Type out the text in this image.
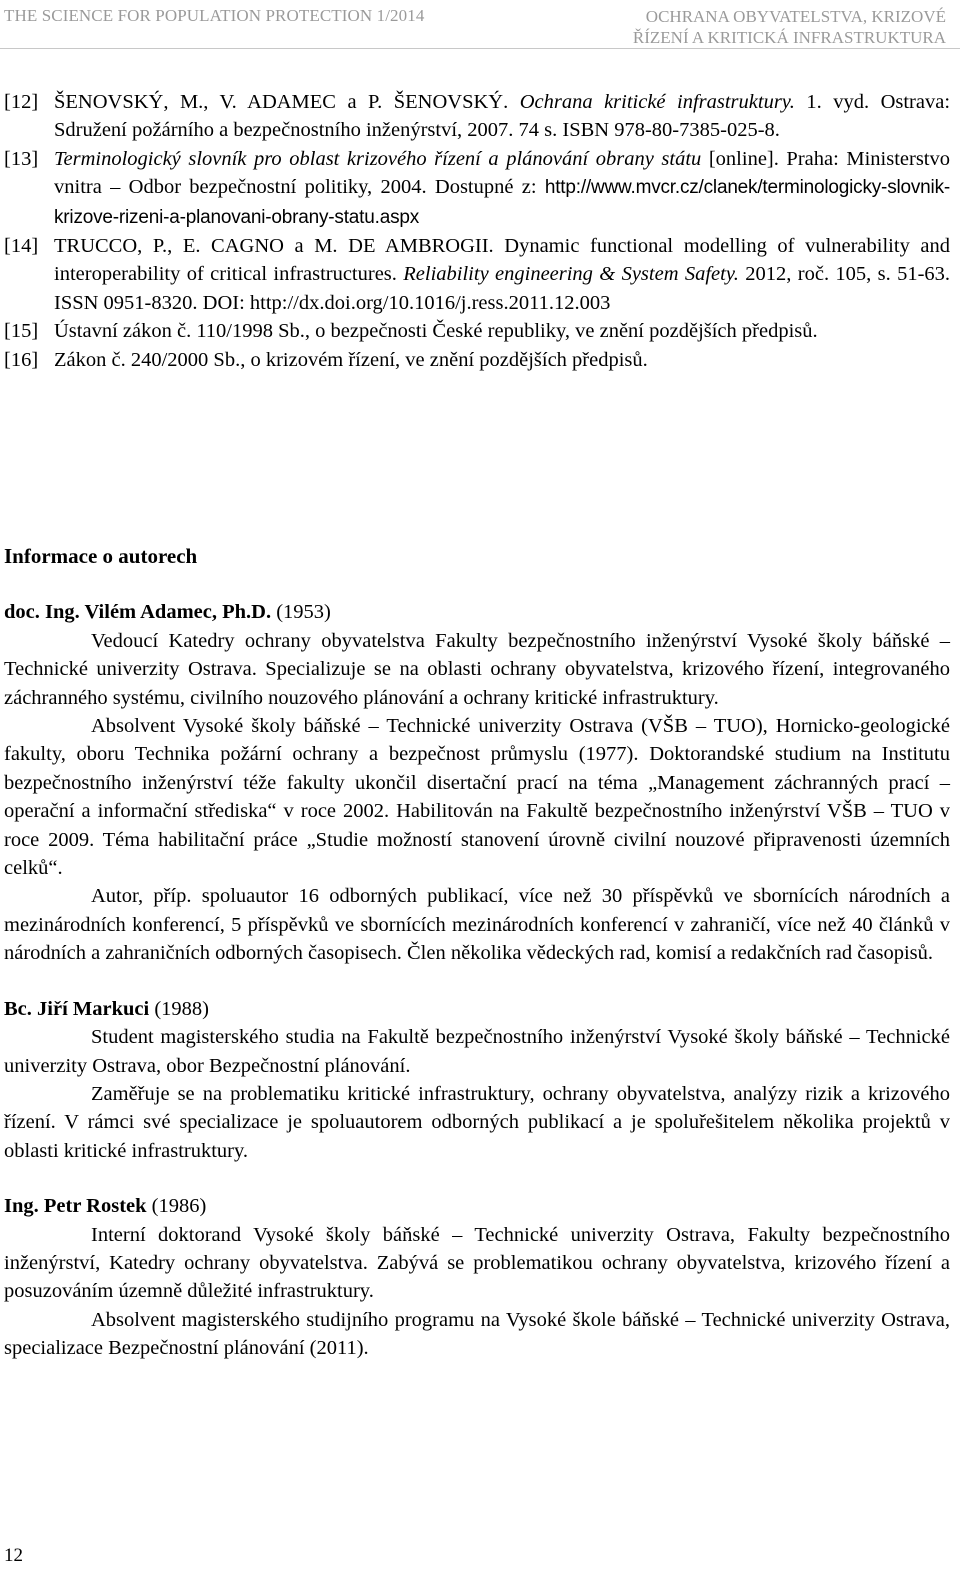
THE SCIENCE FOR POPULATION PROTECTION 1/2014	OCHRANA OBYVATELSTVA, KRIZOVÉ
ŘÍZENÍ A KRITICKÁ INFRASTRUKTURA
[12] ŠENOVSKÝ, M., V. ADAMEC a P. ŠENOVSKÝ. Ochrana kritické infrastruktury. 1. vyd. Ostrava: Sdružení požárního a bezpečnostního inženýrství, 2007. 74 s. ISBN 978-80-7385-025-8.
[13] Terminologický slovník pro oblast krizového řízení a plánování obrany státu [online]. Praha: Ministerstvo vnitra – Odbor bezpečnostní politiky, 2004. Dostupné z: http://www.mvcr.cz/clanek/terminologicky-slovnik-krizove-rizeni-a-planovani-obrany-statu.aspx
[14] TRUCCO, P., E. CAGNO a M. DE AMBROGII. Dynamic functional modelling of vulnerability and interoperability of critical infrastructures. Reliability engineering & System Safety. 2012, roč. 105, s. 51-63. ISSN 0951-8320. DOI: http://dx.doi.org/10.1016/j.ress.2011.12.003
[15] Ústavní zákon č. 110/1998 Sb., o bezpečnosti České republiky, ve znění pozdějších předpisů.
[16] Zákon č. 240/2000 Sb., o krizovém řízení, ve znění pozdějších předpisů.
Informace o autorech
doc. Ing. Vilém Adamec, Ph.D. (1953)

Vedoucí Katedry ochrany obyvatelstva Fakulty bezpečnostního inženýrství Vysoké školy báňské – Technické univerzity Ostrava. Specializuje se na oblasti ochrany obyvatelstva, krizového řízení, integrovaného záchranného systému, civilního nouzového plánování a ochrany kritické infrastruktury.

Absolvent Vysoké školy báňské – Technické univerzity Ostrava (VŠB – TUO), Hornicko-geologické fakulty, oboru Technika požární ochrany a bezpečnost průmyslu (1977). Doktorandské studium na Institutu bezpečnostního inženýrství téže fakulty ukončil disertační prací na téma „Management záchranných prací – operační a informační střediska“ v roce 2002. Habilitován na Fakultě bezpečnostního inženýrství VŠB – TUO v roce 2009. Téma habilitační práce „Studie možností stanovení úrovně civilní nouzové připravenosti územních celků“.

Autor, příp. spoluautor 16 odborných publikací, více než 30 příspěvků ve sbornících národních a mezinárodních konferencí, 5 příspěvků ve sbornících mezinárodních konferencí v zahraničí, více než 40 článků v národních a zahraničních odborných časopisech. Člen několika vědeckých rad, komisí a redakčních rad časopisů.

Bc. Jiří Markuci (1988)

Student magisterského studia na Fakultě bezpečnostního inženýrství Vysoké školy báňské – Technické univerzity Ostrava, obor Bezpečnostní plánování.

Zaměřuje se na problematiku kritické infrastruktury, ochrany obyvatelstva, analýzy rizik a krizového řízení. V rámci své specializace je spoluautorem odborných publikací a je spoluřešitelem několika projektů v oblasti kritické infrastruktury.

Ing. Petr Rostek (1986)

Interní doktorand Vysoké školy báňské – Technické univerzity Ostrava, Fakulty bezpečnostního inženýrství, Katedry ochrany obyvatelstva. Zabývá se problematikou ochrany obyvatelstva, krizového řízení a posuzováním územně důležité infrastruktury.

Absolvent magisterského studijního programu na Vysoké škole báňské – Technické univerzity Ostrava, specializace Bezpečnostní plánování (2011).

12
